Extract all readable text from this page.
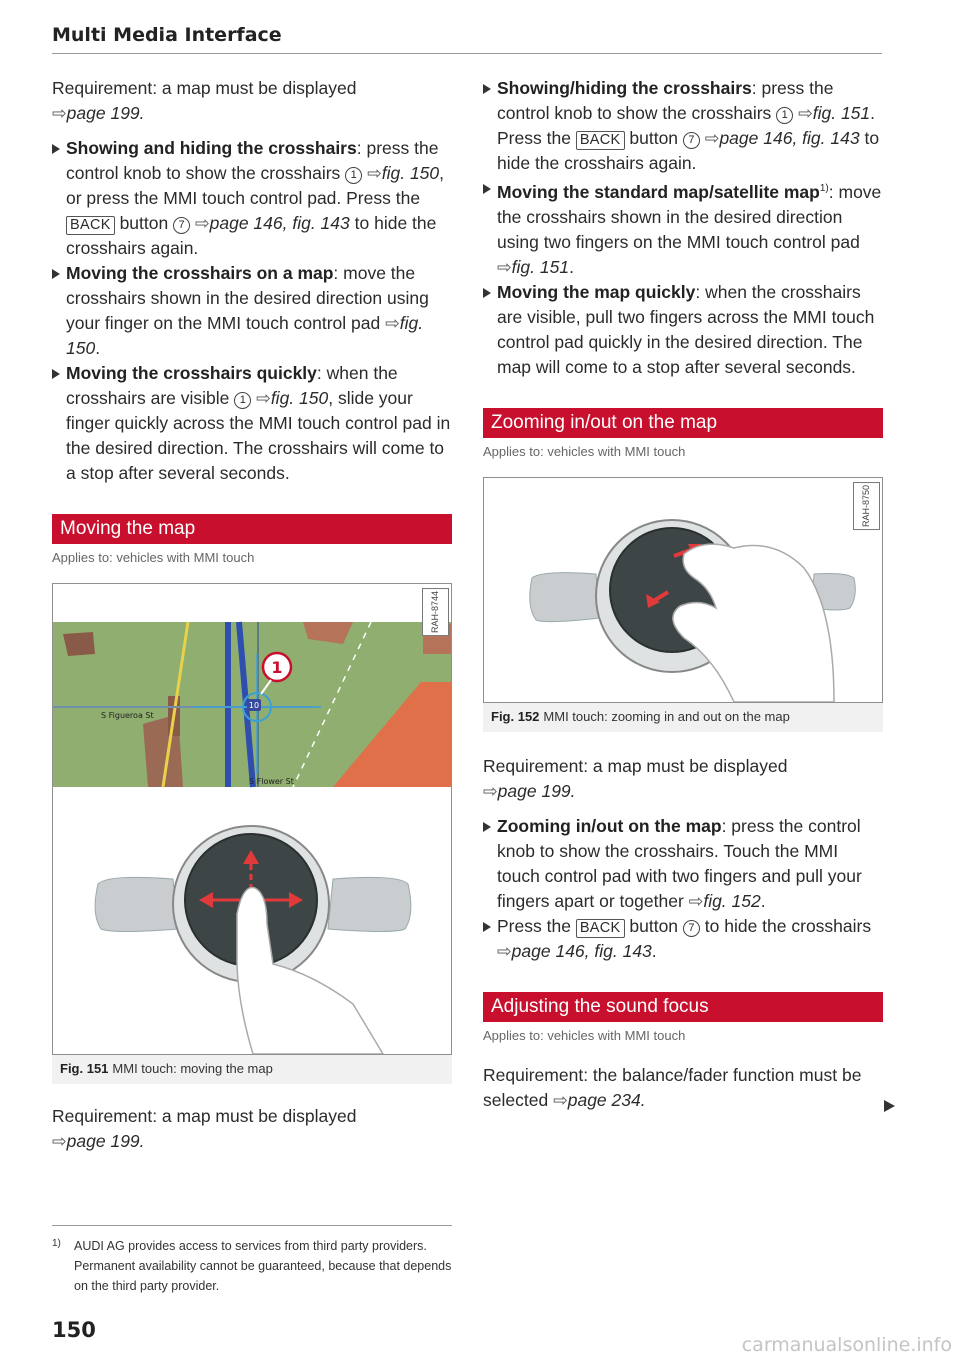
Multi Media Interface

Requirement: a map must be displayed
⇨page 199.

Showing and hiding the crosshairs: press the control knob to show the crosshairs 1 ⇨fig. 150, or press the MMI touch control pad. Press the BACK button 7 ⇨page 146, fig. 143 to hide the crosshairs again.

Moving the crosshairs on a map: move the crosshairs shown in the desired direction using your finger on the MMI touch control pad ⇨fig. 150.

Moving the crosshairs quickly: when the crosshairs are visible 1 ⇨fig. 150, slide your finger quickly across the MMI touch control pad in the desired direction. The crosshairs will come to a stop after several seconds.

Moving the map
Applies to: vehicles with MMI touch
10
1
S Figueroa St
S Flower St
RAH-8744
Fig. 151 MMI touch: moving the map

Requirement: a map must be displayed
⇨page 199.

Showing/hiding the crosshairs: press the control knob to show the crosshairs 1 ⇨fig. 151. Press the BACK button 7 ⇨page 146, fig. 143 to hide the crosshairs again.

Moving the standard map/satellite map$^{1)}$: move the crosshairs shown in the desired direction using two fingers on the MMI touch control pad ⇨fig. 151.

Moving the map quickly: when the crosshairs are visible, pull two fingers across the MMI touch control pad quickly in the desired direction. The map will come to a stop after several seconds.

Zooming in/out on the map
Applies to: vehicles with MMI touch
RAH-8750
Fig. 152 MMI touch: zooming in and out on the map

Requirement: a map must be displayed
⇨page 199.

Zooming in/out on the map: press the control knob to show the crosshairs. Touch the MMI touch control pad with two fingers and pull your fingers apart or together ⇨fig. 152.

Press the BACK button 7 to hide the crosshairs ⇨page 146, fig. 143.

Adjusting the sound focus
Applies to: vehicles with MMI touch

Requirement: the balance/fader function must be selected ⇨page 234.

1) AUDI AG provides access to services from third party providers. Permanent availability cannot be guaranteed, because that depends on the third party provider.
150
carmanualsonline.info
